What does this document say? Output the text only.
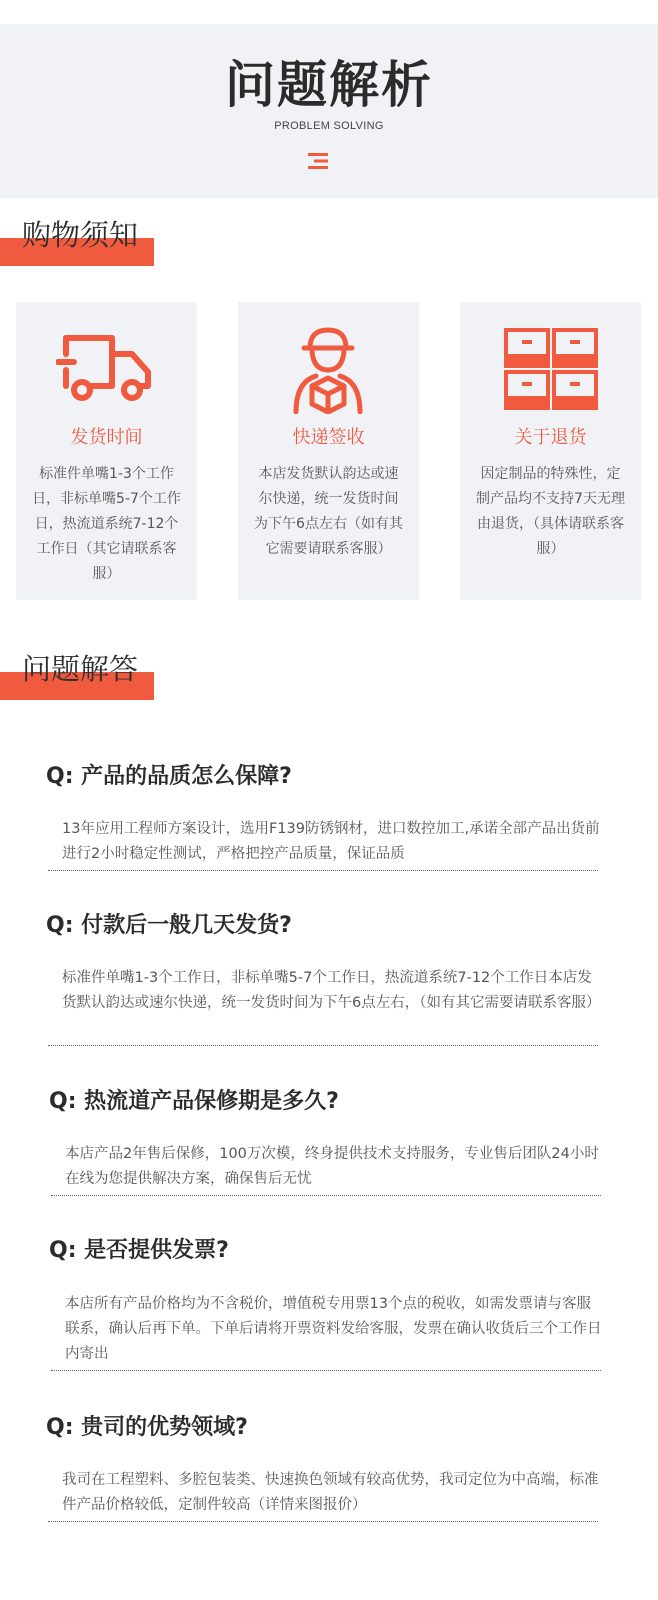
问题解析
PROBLEM SOLVING
购物须知
发货时间
标准件单嘴1-3个工作日，非标单嘴5-7个工作日，热流道系统7-12个工作日（其它请联系客服）
快递签收
本店发货默认韵达或速尔快递，统一发货时间为下午6点左右（如有其它需要请联系客服）
关于退货
因定制品的特殊性，定制产品均不支持7天无理由退货，（具体请联系客服）
问题解答
Q: 产品的品质怎么保障?
13年应用工程师方案设计，选用F139防锈钢材，进口数控加工,承诺全部产品出货前进行2小时稳定性测试，严格把控产品质量，保证品质
Q: 付款后一般几天发货?
标准件单嘴1-3个工作日，非标单嘴5-7个工作日，热流道系统7-12个工作日本店发货默认韵达或速尔快递，统一发货时间为下午6点左右，（如有其它需要请联系客服）
Q: 热流道产品保修期是多久?
本店产品2年售后保修，100万次模，终身提供技术支持服务，专业售后团队24小时在线为您提供解决方案，确保售后无忧
Q: 是否提供发票?
本店所有产品价格均为不含税价，增值税专用票13个点的税收，如需发票请与客服联系，确认后再下单。下单后请将开票资料发给客服，发票在确认收货后三个工作日内寄出
Q: 贵司的优势领域?
我司在工程塑料、多腔包装类、快速换色领域有较高优势，我司定位为中高端，标准件产品价格较低，定制件较高（详情来图报价）
